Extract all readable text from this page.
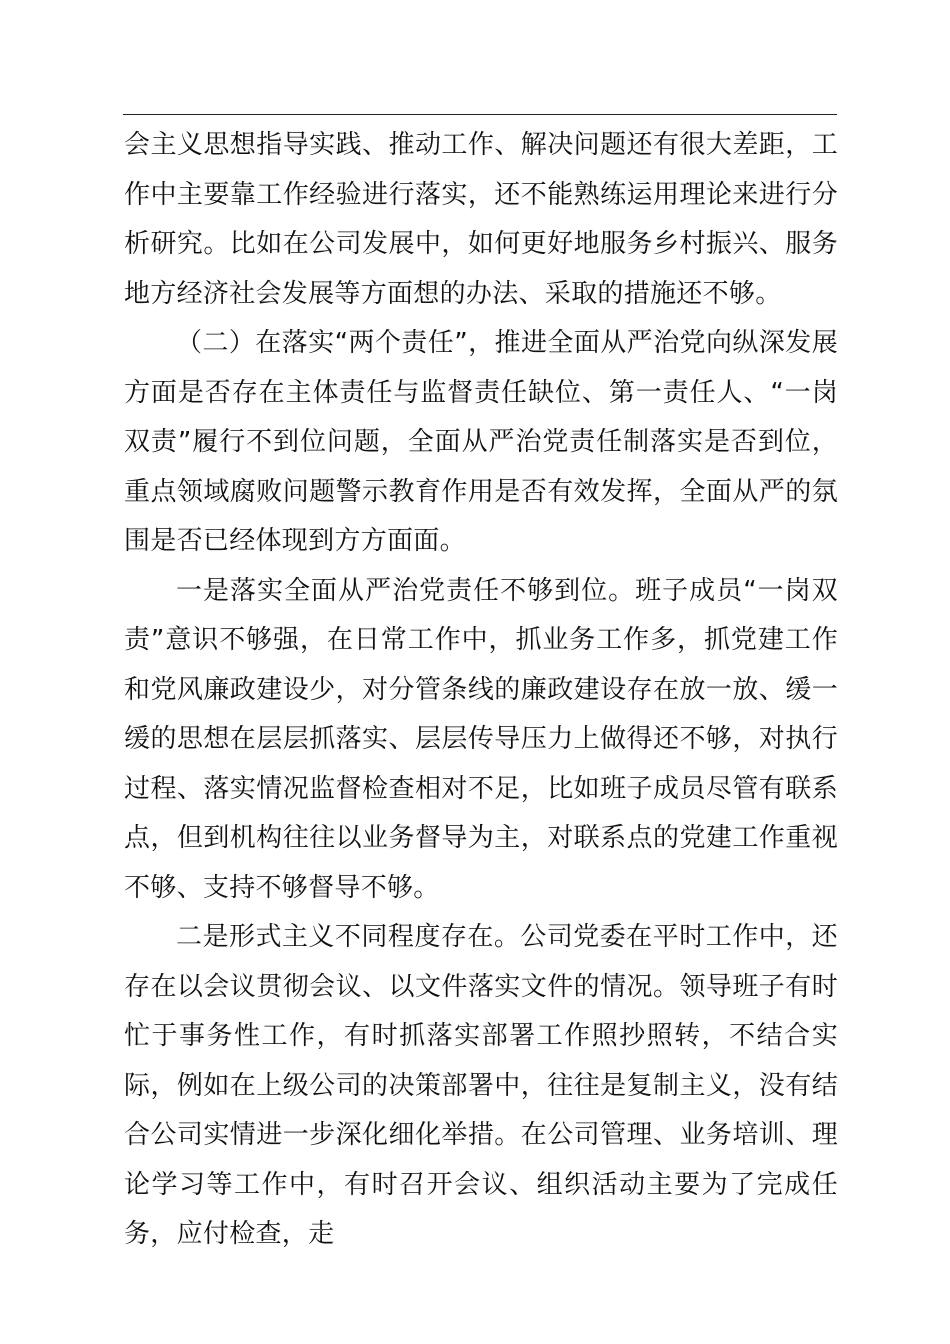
会主义思想指导实践、推动工作、解决问题还有很大差距，工作中主要靠工作经验进行落实，还不能熟练运用理论来进行分析研究。比如在公司发展中，如何更好地服务乡村振兴、服务地方经济社会发展等方面想的办法、采取的措施还不够。

（二）在落实“两个责任”，推进全面从严治党向纵深发展方面是否存在主体责任与监督责任缺位、第一责任人、“一岗双责”履行不到位问题，全面从严治党责任制落实是否到位，重点领域腐败问题警示教育作用是否有效发挥，全面从严的氛围是否已经体现到方方面面。

一是落实全面从严治党责任不够到位。班子成员“一岗双责”意识不够强，在日常工作中，抓业务工作多，抓党建工作和党风廉政建设少，对分管条线的廉政建设存在放一放、缓一缓的思想在层层抓落实、层层传导压力上做得还不够，对执行过程、落实情况监督检查相对不足，比如班子成员尽管有联系点，但到机构往往以业务督导为主，对联系点的党建工作重视不够、支持不够督导不够。

二是形式主义不同程度存在。公司党委在平时工作中，还存在以会议贯彻会议、以文件落实文件的情况。领导班子有时忙于事务性工作，有时抓落实部署工作照抄照转，不结合实际，例如在上级公司的决策部署中，往往是复制主义，没有结合公司实情进一步深化细化举措。在公司管理、业务培训、理论学习等工作中，有时召开会议、组织活动主要为了完成任务，应付检查，走
